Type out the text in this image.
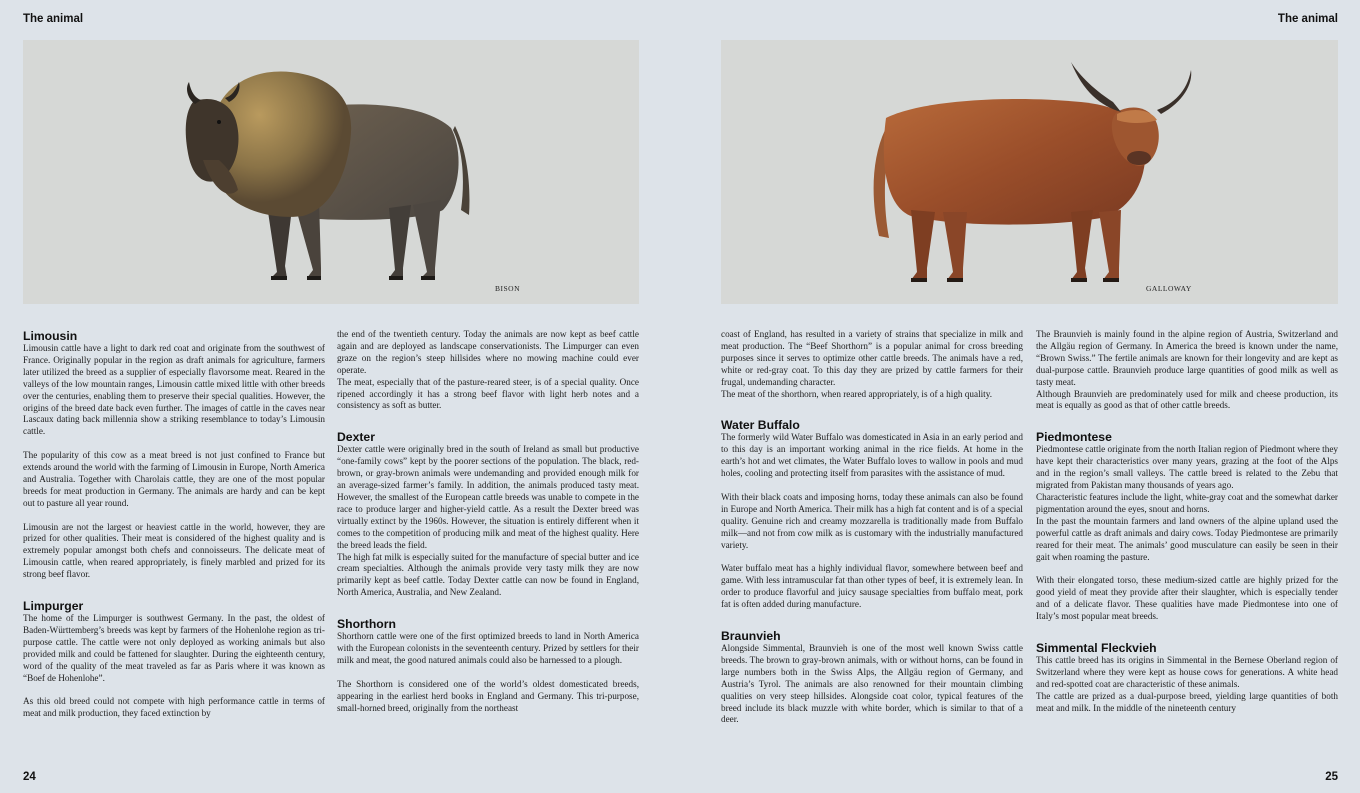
The animal	The animal
BISON	GALLOWAY
Limousin

Limousin cattle have a light to dark red coat and originate from the southwest of France. Originally popular in the region as draft animals for agriculture, farmers later utilized the breed as a supplier of especially flavorsome meat. Reared in the valleys of the low mountain ranges, Limousin cattle mixed little with other breeds over the centuries, enabling them to preserve their special qualities. However, the origins of the breed date back even further. The images of cattle in the caves near Lascaux dating back millennia show a striking resemblance to today’s Limousin cattle.

The popularity of this cow as a meat breed is not just confined to France but extends around the world with the farming of Limousin in Europe, North America and Australia. Together with Charolais cattle, they are one of the most popular breeds for meat production in Germany. The animals are hardy and can be kept out to pasture all year round.

Limousin are not the largest or heaviest cattle in the world, however, they are prized for other qualities. Their meat is considered of the highest quality and is extremely popular amongst both chefs and connoisseurs. The delicate meat of Limousin cattle, when reared appropriately, is finely marbled and prized for its strong beef flavor.

Limpurger

The home of the Limpurger is southwest Germany. In the past, the oldest of Baden-Württemberg’s breeds was kept by farmers of the Hohenlohe region as tri-purpose cattle. The cattle were not only deployed as working animals but also provided milk and could be fattened for slaughter. During the eighteenth century, word of the quality of the meat traveled as far as Paris where it was known as “Boef de Hohenlohe”.

As this old breed could not compete with high performance cattle in terms of meat and milk production, they faced extinction by

the end of the twentieth century. Today the animals are now kept as beef cattle again and are deployed as landscape conservationists. The Limpurger can even graze on the region’s steep hillsides where no mowing machine could ever operate.

The meat, especially that of the pasture-reared steer, is of a special quality. Once ripened accordingly it has a strong beef flavor with light herb notes and a consistency as soft as butter.

Dexter

Dexter cattle were originally bred in the south of Ireland as small but productive “one-family cows” kept by the poorer sections of the population. The black, red-brown, or gray-brown animals were undemanding and provided enough milk for an average-sized farmer’s family. In addition, the animals produced tasty meat. However, the smallest of the European cattle breeds was unable to compete in the race to produce larger and higher-yield cattle. As a result the Dexter breed was virtually extinct by the 1960s. However, the situation is entirely different when it comes to the competition of producing milk and meat of the highest quality. Here the breed leads the field.

The high fat milk is especially suited for the manufacture of special butter and ice cream specialties. Although the animals provide very tasty milk they are now primarily kept as beef cattle. Today Dexter cattle can now be found in England, North America, Australia, and New Zealand.

Shorthorn

Shorthorn cattle were one of the first optimized breeds to land in North America with the European colonists in the seventeenth century. Prized by settlers for their milk and meat, the good natured animals could also be harnessed to a plough.

The Shorthorn is considered one of the world’s oldest domesticated breeds, appearing in the earliest herd books in England and Germany. This tri-purpose, small-horned breed, originally from the northeast

coast of England, has resulted in a variety of strains that specialize in milk and meat production. The “Beef Shorthorn” is a popular animal for cross breeding purposes since it serves to optimize other cattle breeds. The animals have a red, white or red-gray coat. To this day they are prized by cattle farmers for their frugal, undemanding character.

The meat of the shorthorn, when reared appropriately, is of a high quality.

Water Buffalo

The formerly wild Water Buffalo was domesticated in Asia in an early period and to this day is an important working animal in the rice fields. At home in the earth’s hot and wet climates, the Water Buffalo loves to wallow in pools and mud holes, cooling and protecting itself from parasites with the assistance of mud.

With their black coats and imposing horns, today these animals can also be found in Europe and North America. Their milk has a high fat content and is of a special quality. Genuine rich and creamy mozzarella is traditionally made from Buffalo milk—and not from cow milk as is customary with the industrially manufactured variety.

Water buffalo meat has a highly individual flavor, somewhere between beef and game. With less intramuscular fat than other types of beef, it is extremely lean. In order to produce flavorful and juicy sausage specialties from buffalo meat, pork fat is often added during manufacture.

Braunvieh

Alongside Simmental, Braunvieh is one of the most well known Swiss cattle breeds. The brown to gray-brown animals, with or without horns, can be found in large numbers both in the Swiss Alps, the Allgäu region of Germany, and Austria’s Tyrol. The animals are also renowned for their mountain climbing qualities on very steep hillsides. Alongside coat color, typical features of the breed include its black muzzle with white border, which is similar to that of a deer.

The Braunvieh is mainly found in the alpine region of Austria, Switzerland and the Allgäu region of Germany. In America the breed is known under the name, “Brown Swiss.” The fertile animals are known for their longevity and are kept as dual-purpose cattle. Braunvieh produce large quantities of good milk as well as tasty meat.

Although Braunvieh are predominately used for milk and cheese production, its meat is equally as good as that of other cattle breeds.

Piedmontese

Piedmontese cattle originate from the north Italian region of Piedmont where they have kept their characteristics over many years, grazing at the foot of the Alps and in the region’s small valleys. The cattle breed is related to the Zebu that migrated from Pakistan many thousands of years ago.

Characteristic features include the light, white-gray coat and the somewhat darker pigmentation around the eyes, snout and horns.

In the past the mountain farmers and land owners of the alpine upland used the powerful cattle as draft animals and dairy cows. Today Piedmontese are primarily reared for their meat. The animals’ good musculature can easily be seen in their gait when roaming the pasture.

With their elongated torso, these medium-sized cattle are highly prized for the good yield of meat they provide after their slaughter, which is especially tender and of a delicate flavor. These qualities have made Piedmontese into one of Italy’s most popular meat breeds.

Simmental Fleckvieh

This cattle breed has its origins in Simmental in the Bernese Oberland region of Switzerland where they were kept as house cows for generations. A white head and red-spotted coat are characteristic of these animals.

The cattle are prized as a dual-purpose breed, yielding large quantities of both meat and milk. In the middle of the nineteenth century

24	25
